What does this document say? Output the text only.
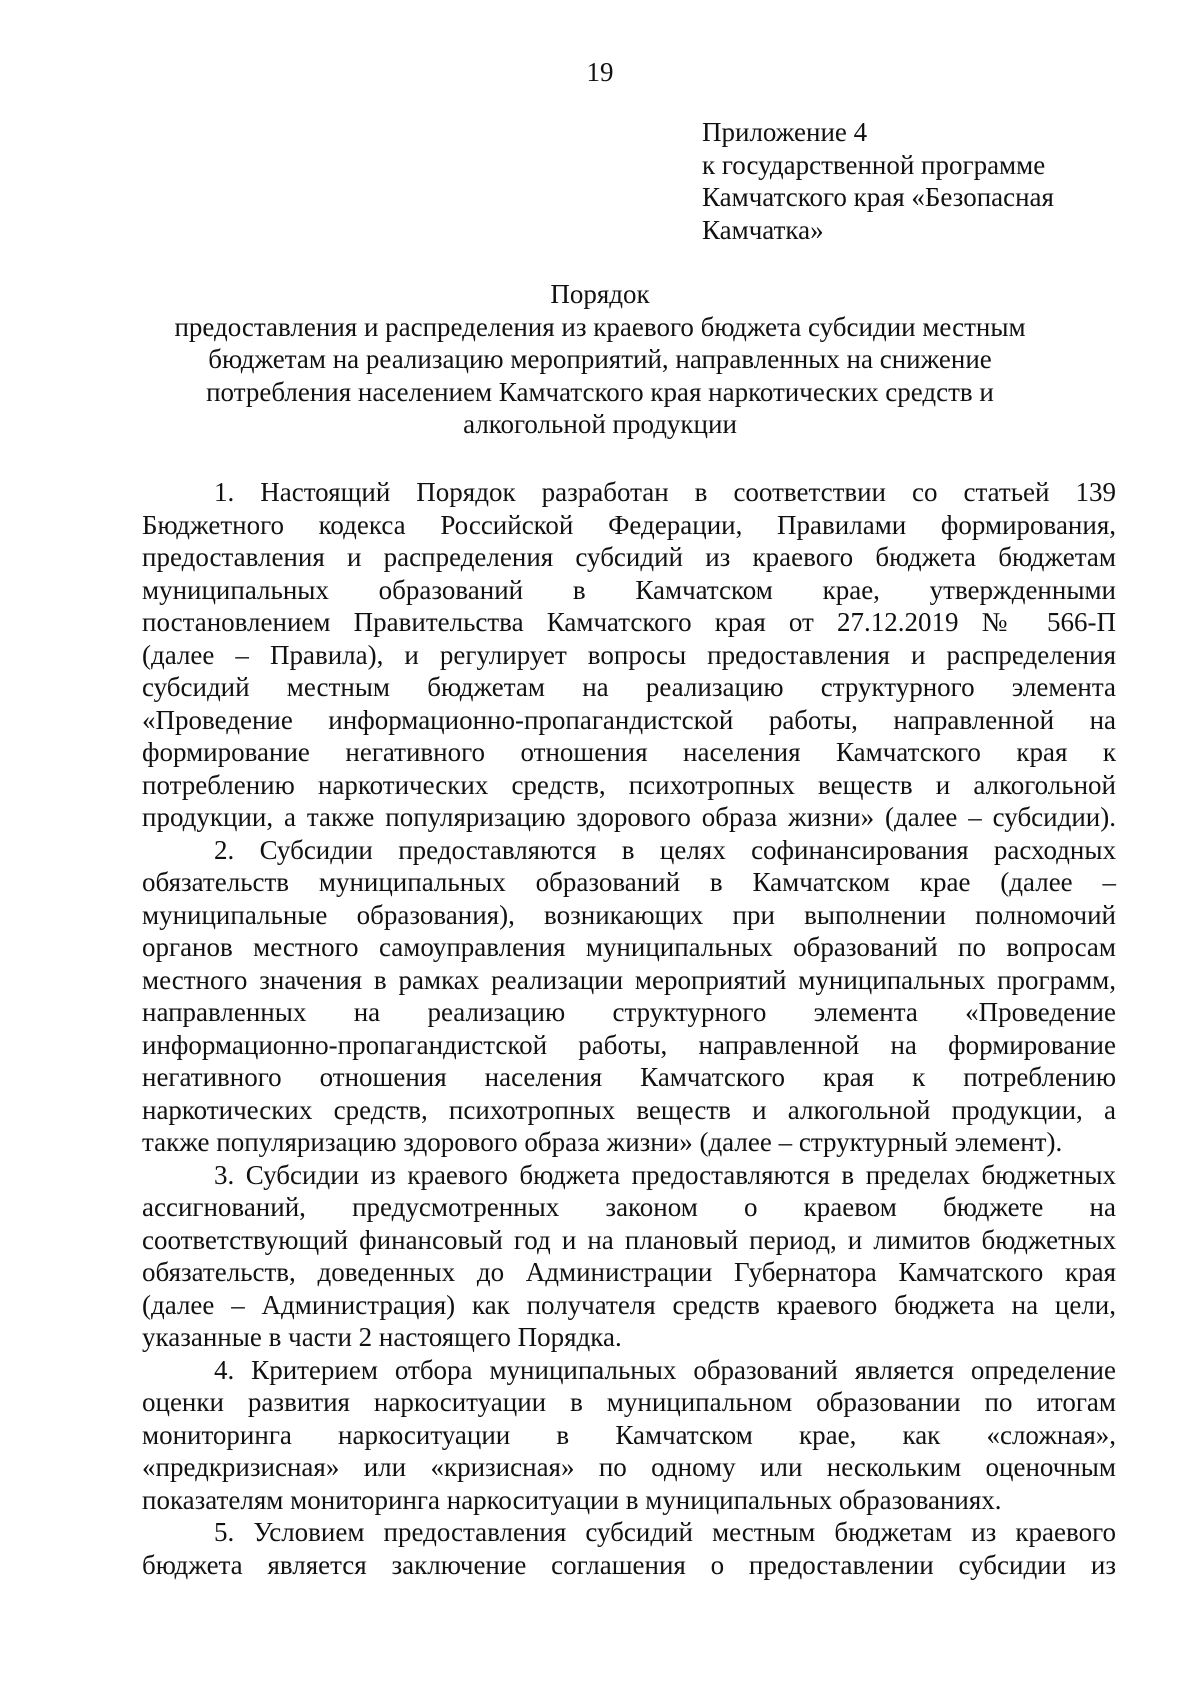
19
Приложение 4
к государственной программе
Камчатского края «Безопасная
Камчатка»
Порядок
предоставления и распределения из краевого бюджета субсидии местным
бюджетам на реализацию мероприятий, направленных на снижение
потребления населением Камчатского края наркотических средств и
алкогольной продукции
1. Настоящий Порядок разработан в соответствии со статьей 139
Бюджетного кодекса Российской Федерации, Правилами формирования,
предоставления и распределения субсидий из краевого бюджета бюджетам
муниципальных образований в Камчатском крае, утвержденными
постановлением Правительства Камчатского края от 27.12.2019 № 566-П
(далее – Правила), и регулирует вопросы предоставления и распределения
субсидий местным бюджетам на реализацию структурного элемента
«Проведение информационно-пропагандистской работы, направленной на
формирование негативного отношения населения Камчатского края к
потреблению наркотических средств, психотропных веществ и алкогольной
продукции, а также популяризацию здорового образа жизни» (далее – субсидии).
2. Субсидии предоставляются в целях софинансирования расходных
обязательств муниципальных образований в Камчатском крае (далее –
муниципальные образования), возникающих при выполнении полномочий
органов местного самоуправления муниципальных образований по вопросам
местного значения в рамках реализации мероприятий муниципальных программ,
направленных на реализацию структурного элемента «Проведение
информационно-пропагандистской работы, направленной на формирование
негативного отношения населения Камчатского края к потреблению
наркотических средств, психотропных веществ и алкогольной продукции, а
также популяризацию здорового образа жизни» (далее – структурный элемент).
3. Субсидии из краевого бюджета предоставляются в пределах бюджетных
ассигнований, предусмотренных законом о краевом бюджете на
соответствующий финансовый год и на плановый период, и лимитов бюджетных
обязательств, доведенных до Администрации Губернатора Камчатского края
(далее – Администрация) как получателя средств краевого бюджета на цели,
указанные в части 2 настоящего Порядка.
4. Критерием отбора муниципальных образований является определение
оценки развития наркоситуации в муниципальном образовании по итогам
мониторинга наркоситуации в Камчатском крае, как «сложная»,
«предкризисная» или «кризисная» по одному или нескольким оценочным
показателям мониторинга наркоситуации в муниципальных образованиях.
5. Условием предоставления субсидий местным бюджетам из краевого
бюджета является заключение соглашения о предоставлении субсидии из
